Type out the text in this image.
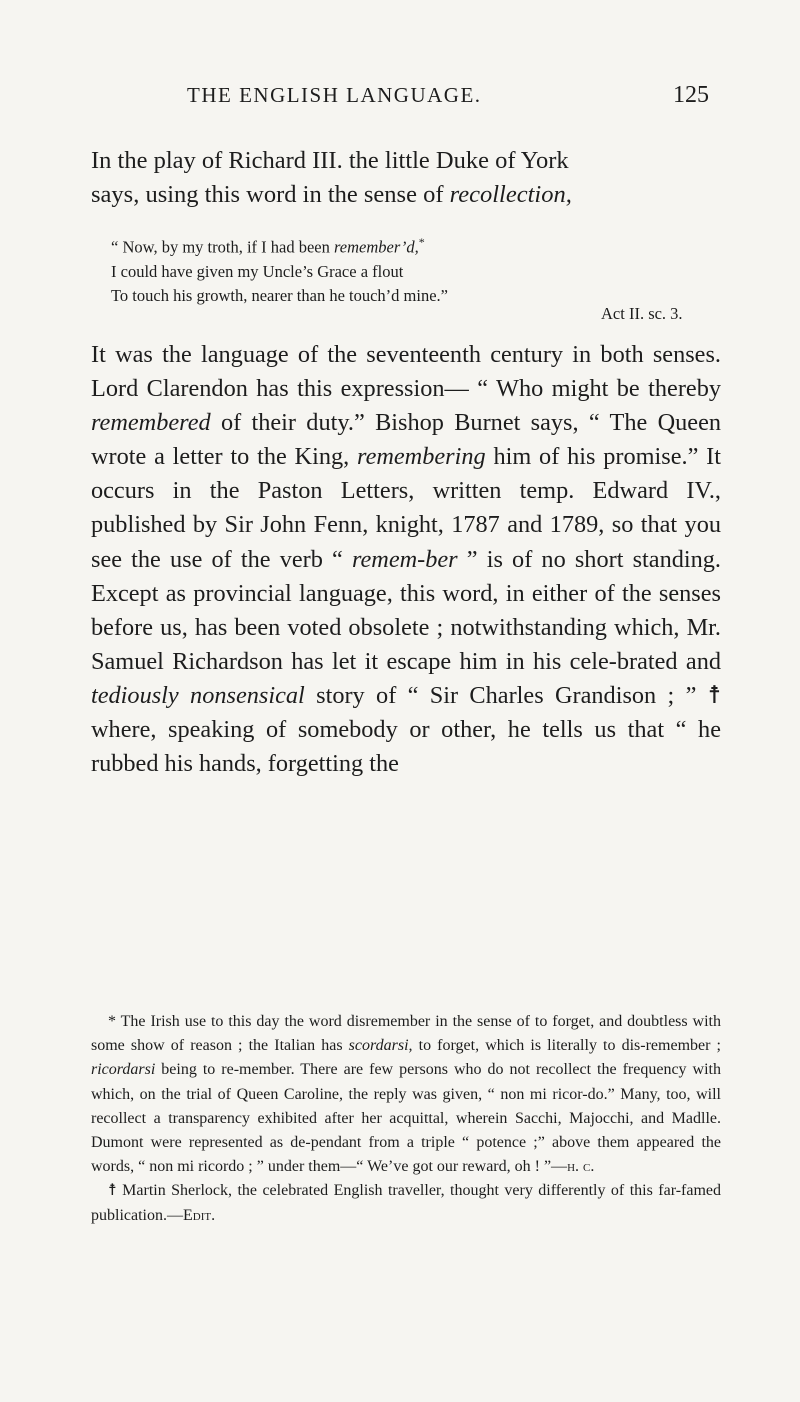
THE ENGLISH LANGUAGE.	125

In the play of Richard III. the little Duke of York
says, using this word in the sense of recollection,

“ Now, by my troth, if I had been remember’d,*
I could have given my Uncle’s Grace a flout
To touch his growth, nearer than he touch’d mine.”
Act II. sc. 3.

It was the language of the seventeenth century in both senses. Lord Clarendon has this expression— “ Who might be thereby remembered of their duty.” Bishop Burnet says, “ The Queen wrote a letter to the King, remembering him of his promise.” It occurs in the Paston Letters, written temp. Edward IV., published by Sir John Fenn, knight, 1787 and 1789, so that you see the use of the verb “ remem-ber ” is of no short standing. Except as provincial language, this word, in either of the senses before us, has been voted obsolete ; notwithstanding which, Mr. Samuel Richardson has let it escape him in his cele-brated and tediously nonsensical story of “ Sir Charles Grandison ; ” ☨ where, speaking of somebody or other, he tells us that “ he rubbed his hands, forgetting the

* The Irish use to this day the word disremember in the sense of to forget, and doubtless with some show of reason ; the Italian has scordarsi, to forget, which is literally to dis-remember ; ricordarsi being to re-member. There are few persons who do not recollect the frequency with which, on the trial of Queen Caroline, the reply was given, “ non mi ricor-do.” Many, too, will recollect a transparency exhibited after her acquittal, wherein Sacchi, Majocchi, and Madlle. Dumont were represented as de-pendant from a triple “ potence ;” above them appeared the words, “ non mi ricordo ; ” under them—“ We’ve got our reward, oh ! ”—h. c.

☨ Martin Sherlock, the celebrated English traveller, thought very differently of this far-famed publication.—Edit.
